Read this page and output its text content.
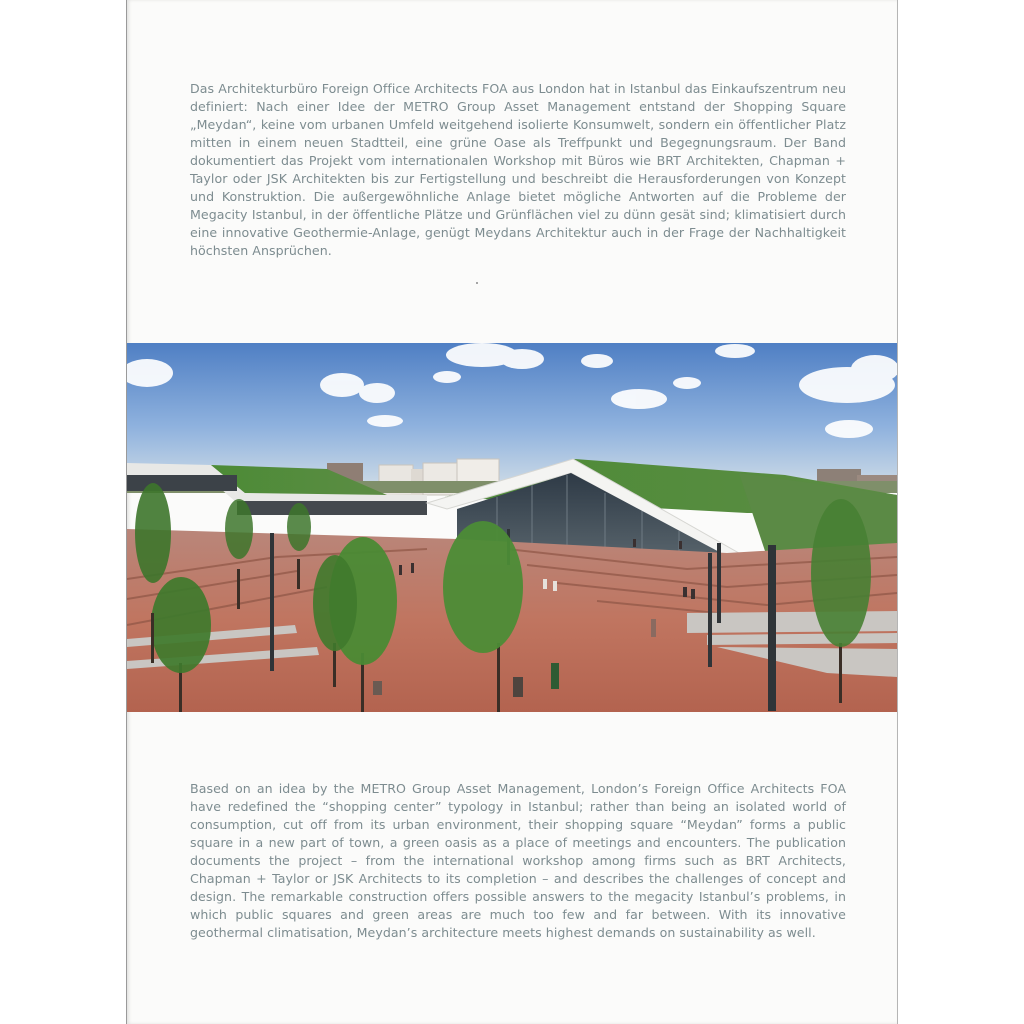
Das Architekturbüro Foreign Office Architects FOA aus London hat in Istanbul das Einkaufszentrum neu definiert: Nach einer Idee der METRO Group Asset Management entstand der Shopping Square „Meydan“, keine vom urbanen Umfeld weitgehend isolierte Konsumwelt, sondern ein öffentlicher Platz mitten in einem neuen Stadtteil, eine grüne Oase als Treffpunkt und Begegnungsraum. Der Band dokumentiert das Projekt vom internationalen Workshop mit Büros wie BRT Architekten, Chapman + Taylor oder JSK Architekten bis zur Fertigstellung und beschreibt die Herausforderungen von Konzept und Konstruktion. Die außergewöhnliche Anlage bietet mögliche Antworten auf die Probleme der Megacity Istanbul, in der öffentliche Plätze und Grünflächen viel zu dünn gesät sind; klimatisiert durch eine innovative Geothermie-Anlage, genügt Meydans Architektur auch in der Frage der Nachhaltigkeit höchsten Ansprüchen.

Based on an idea by the METRO Group Asset Management, London’s Foreign Office Architects FOA have redefined the “shopping center” typology in Istanbul; rather than being an isolated world of consumption, cut off from its urban environment, their shopping square “Meydan” forms a public square in a new part of town, a green oasis as a place of meetings and encounters. The publication documents the project – from the international workshop among firms such as BRT Architects, Chapman + Taylor or JSK Architects to its completion – and describes the challenges of concept and design. The remarkable construction offers possible answers to the megacity Istanbul’s problems, in which public squares and green areas are much too few and far between. With its innovative geothermal climatisation, Meydan’s architecture meets highest demands on sustainability as well.
